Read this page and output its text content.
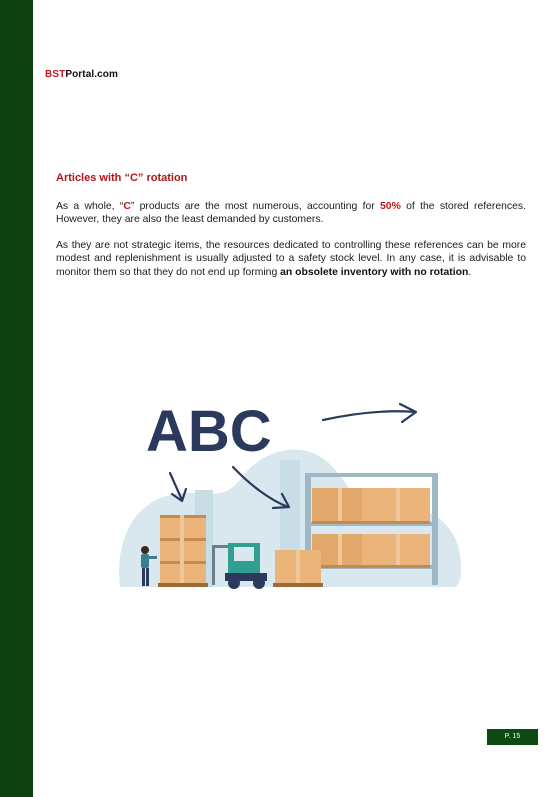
BSTPortal.com
Articles with “C” rotation

As a whole, “C” products are the most numerous, accounting for 50% of the stored references. However, they are also the least demanded by customers.

As they are not strategic items, the resources dedicated to controlling these references can be more modest and replenishment is usually adjusted to a safety stock level. In any case, it is advisable to monitor them so that they do not end up forming an obsolete inventory with no rotation.

ABC
P. 15
